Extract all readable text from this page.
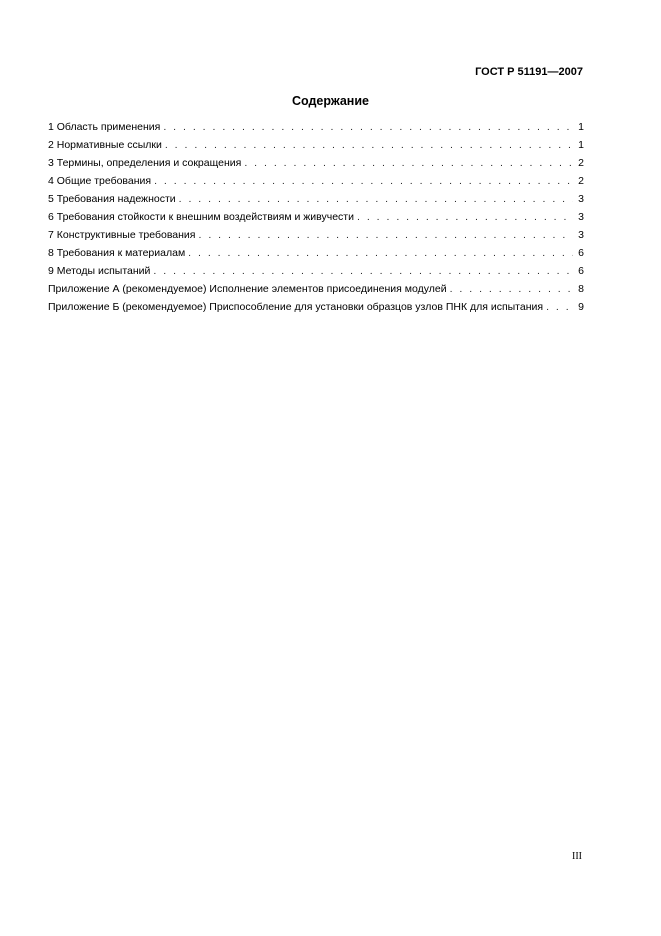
ГОСТ Р 51191—2007
Содержание
1 Область применения . . .	1
2 Нормативные ссылки . . .	1
3 Термины, определения и сокращения . . .	2
4 Общие требования . . .	2
5 Требования надежности . . .	3
6 Требования стойкости к внешним воздействиям и живучести . . .	3
7 Конструктивные требования . . .	3
8 Требования к материалам . . .	6
9 Методы испытаний . . .	6
Приложение А (рекомендуемое) Исполнение элементов присоединения модулей . . .	8
Приложение Б (рекомендуемое) Приспособление для установки образцов узлов ПНК для испытания . . .	9
III
